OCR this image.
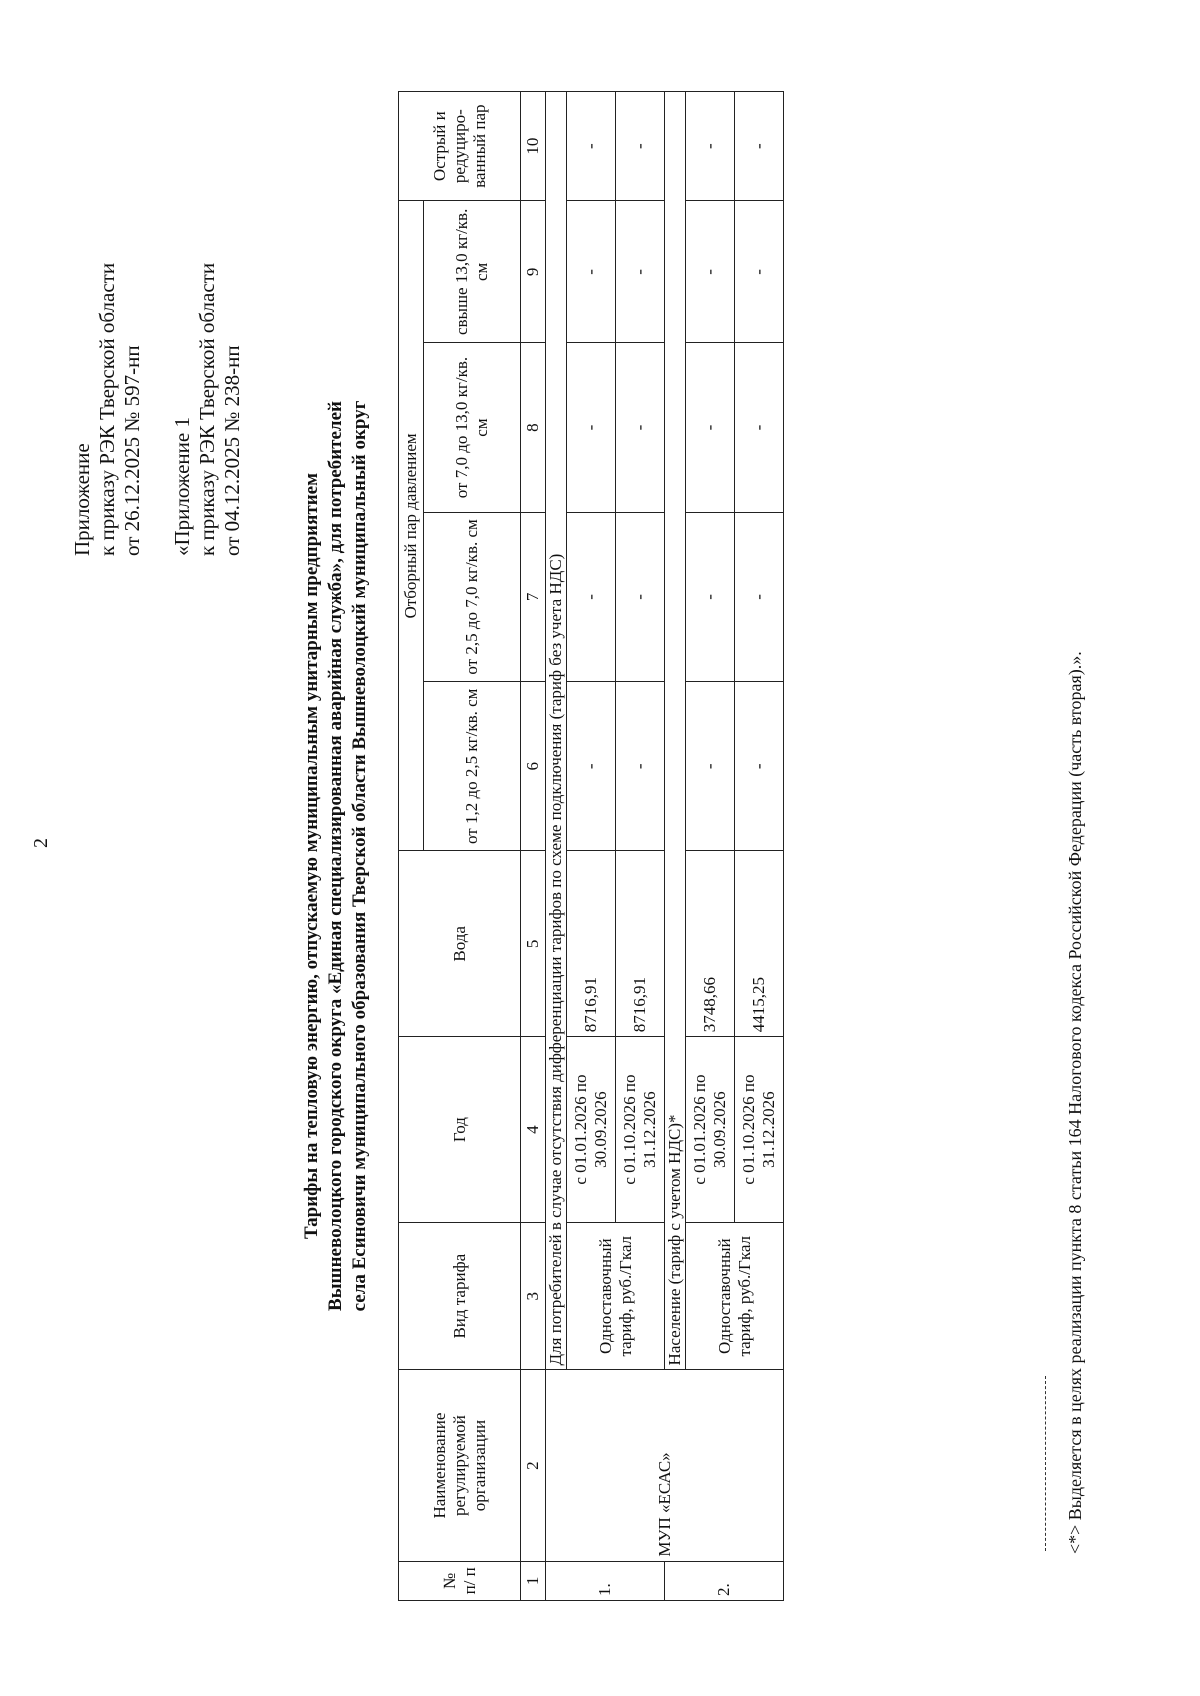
2
Приложение к приказу РЭК Тверской области от 26.12.2025 № 597-нп «Приложение 1 к приказу РЭК Тверской области от 04.12.2025 № 238-нп
Тарифы на тепловую энергию, отпускаемую муниципальным унитарным предприятием Вышневолоцкого городского округа «Единая специализированная аварийная служба», для потребителей села Есиновичи муниципального образования Тверской области Вышневолоцкий муниципальный округ
№ п/ п	Наименование регулируемой организации	Вид тарифа	Год	Вода	Отборный пар давлением				Острый и редуциро-ванный пар
					от 1,2 до 2,5 кг/кв. см	от 2,5 до 7,0 кг/кв. см	от 7,0 до 13,0 кг/кв. см	свыше 13,0 кг/кв. см	
1	2	3	4	5	6	7	8	9	10
1.	МУП «ЕСАС»	Для потребителей в случае отсутствия дифференциации тарифов по схеме подключения (тариф без учета НДС)							
		Одноставочный тариф, руб./Гкал	с 01.01.2026 по 30.09.2026	8716,91	-	-	-	-	-
			с 01.10.2026 по 31.12.2026	8716,91	-	-	-	-	-
2.		Население (тариф с учетом НДС)*							
		Одноставочный тариф, руб./Гкал	с 01.01.2026 по 30.09.2026	3748,66	-	-	-	-	-
			с 01.10.2026 по 31.12.2026	4415,25	-	-	-	-	-
<*> Выделяется в целях реализации пункта 8 статьи 164 Налогового кодекса Российской Федерации (часть вторая).».
